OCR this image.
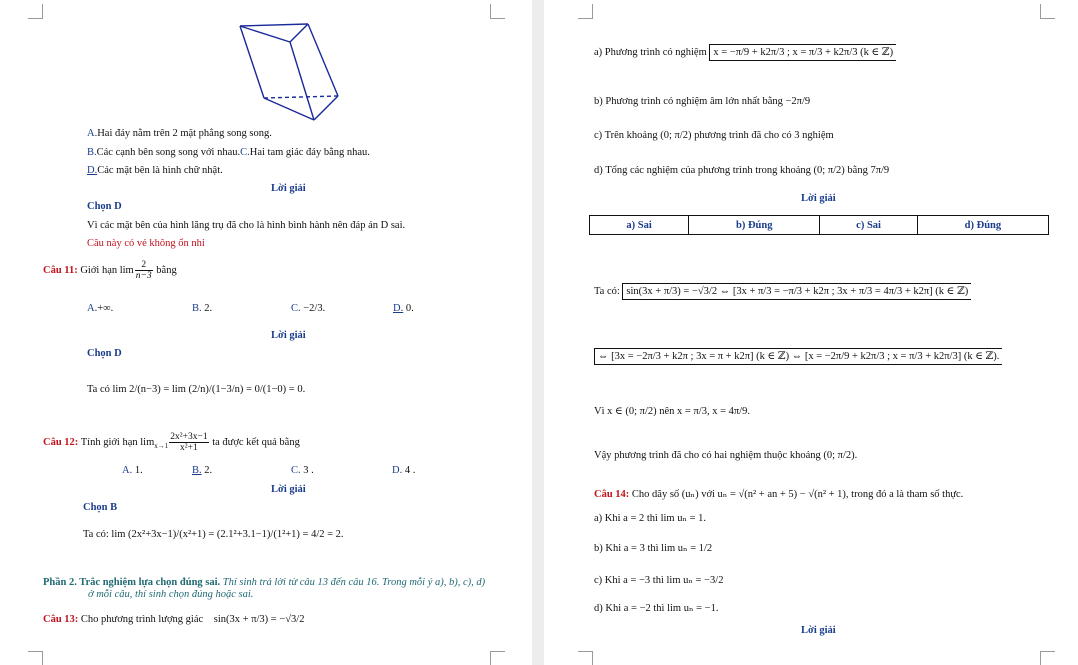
A.Hai đáy nằm trên 2 mặt phẳng song song.
B.Các cạnh bên song song với nhau.C.Hai tam giác đáy bằng nhau.
D.Các mặt bên là hình chữ nhật.
Lời giải
Chọn D
Vì các mặt bên của hình lăng trụ đã cho là hình bình hành nên đáp án D sai.
Câu này có vẻ không ổn nhỉ
Câu 11: Giới hạn $\lim \frac{2}{n-3}$ bằng
A.+∞.	B. 2.	C. −2/3.	D. 0.
Lời giải
Chọn D
Ta có lim 2/(n−3) = lim (2/n)/(1−3/n) = 0/(1−0) = 0.
Câu 12: Tính giới hạn $\lim_{x\to 1} \frac{\text{2x²+3x−1}}{\text{x²+1}}$ ta được kết quả bằng
A. 1.	B. 2.	C. 3 .	D. 4 .
Lời giải
Chọn B
Ta có: lim (2x²+3x−1)/(x²+1) = (2.1²+3.1−1)/(1²+1) = 4/2 = 2.
Phần 2. Trắc nghiệm lựa chọn đúng sai. Thí sinh trả lời từ câu 13 đến câu 16. Trong mỗi ý a), b), c), d)
ở mỗi câu, thí sinh chọn đúng hoặc sai.
Câu 13: Cho phương trình lượng giác sin(3x + π/3) = −√3/2
a) Phương trình có nghiệm x = −π/9 + k2π/3 ; x = π/3 + k2π/3 (k ∈ ℤ)
b) Phương trình có nghiệm âm lớn nhất bằng −2π/9
c) Trên khoảng (0; π/2) phương trình đã cho có 3 nghiệm
d) Tổng các nghiệm của phương trình trong khoảng (0; π/2) bằng 7π/9
Lời giải
a) Sai	b) Đúng	c) Sai	d) Đúng
Ta có: sin(3x + π/3) = −√3/2 ⇔ [3x + π/3 = −π/3 + k2π ; 3x + π/3 = 4π/3 + k2π] (k ∈ ℤ)
⇔ [3x = −2π/3 + k2π ; 3x = π + k2π] (k ∈ ℤ) ⇔ [x = −2π/9 + k2π/3 ; x = π/3 + k2π/3] (k ∈ ℤ).
Vì x ∈ (0; π/2) nên x = π/3, x = 4π/9.
Vậy phương trình đã cho có hai nghiệm thuộc khoảng (0; π/2).
Câu 14: Cho dãy số (uₙ) với uₙ = √(n² + an + 5) − √(n² + 1), trong đó a là tham số thực.
a) Khi a = 2 thì lim uₙ = 1.
b) Khi a = 3 thì lim uₙ = 1/2
c) Khi a = −3 thì lim uₙ = −3/2
d) Khi a = −2 thì lim uₙ = −1.
Lời giải
